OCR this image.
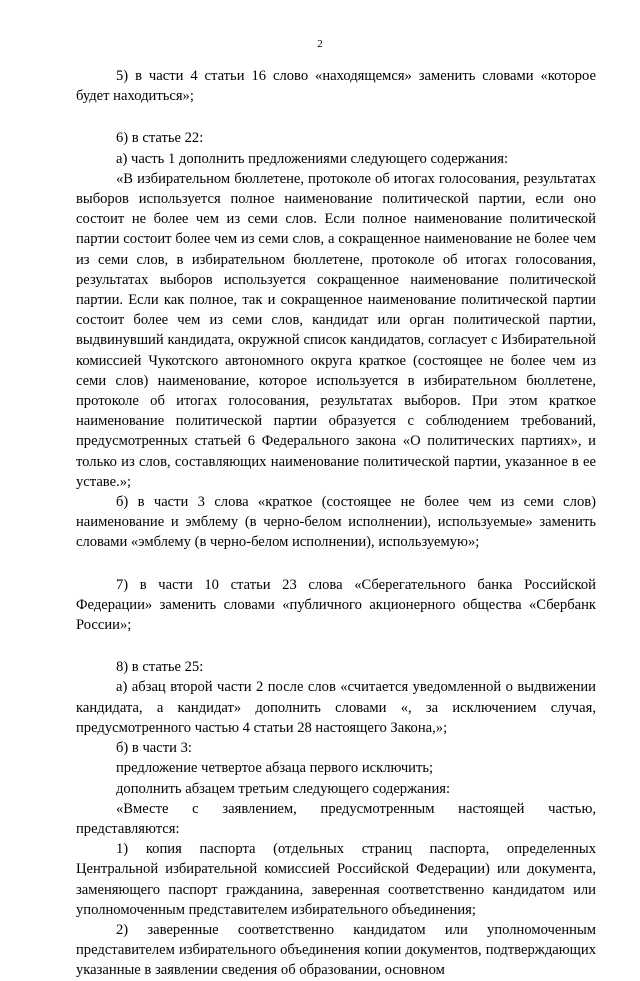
2

5) в части 4 статьи 16 слово «находящемся» заменить словами «которое будет находиться»;

6) в статье 22:

а) часть 1 дополнить предложениями следующего содержания:

«В избирательном бюллетене, протоколе об итогах голосования, результатах выборов используется полное наименование политической партии, если оно состоит не более чем из семи слов. Если полное наименование политической партии состоит более чем из семи слов, а сокращенное наименование не более чем из семи слов, в избирательном бюллетене, протоколе об итогах голосования, результатах выборов используется сокращенное наименование политической партии. Если как полное, так и сокращенное наименование политической партии состоит более чем из семи слов, кандидат или орган политической партии, выдвинувший кандидата, окружной список кандидатов, согласует с Избирательной комиссией Чукотского автономного округа краткое (состоящее не более чем из семи слов) наименование, которое используется в избирательном бюллетене, протоколе об итогах голосования, результатах выборов. При этом краткое наименование политической партии образуется с соблюдением требований, предусмотренных статьей 6 Федерального закона «О политических партиях», и только из слов, составляющих наименование политической партии, указанное в ее уставе.»;

б) в части 3 слова «краткое (состоящее не более чем из семи слов) наименование и эмблему (в черно-белом исполнении), используемые» заменить словами «эмблему (в черно-белом исполнении), используемую»;

7) в части 10 статьи 23 слова «Сберегательного банка Российской Федерации» заменить словами «публичного акционерного общества «Сбербанк России»;

8) в статье 25:

а) абзац второй части 2 после слов «считается уведомленной о выдвижении кандидата, а кандидат» дополнить словами «, за исключением случая, предусмотренного частью 4 статьи 28 настоящего Закона,»;

б) в части 3:

предложение четвертое абзаца первого исключить;

дополнить абзацем третьим следующего содержания:

«Вместе с заявлением, предусмотренным настоящей частью, представляются:

1) копия паспорта (отдельных страниц паспорта, определенных Центральной избирательной комиссией Российской Федерации) или документа, заменяющего паспорт гражданина, заверенная соответственно кандидатом или уполномоченным представителем избирательного объединения;

2) заверенные соответственно кандидатом или уполномоченным представителем избирательного объединения копии документов, подтверждающих указанные в заявлении сведения об образовании, основном
